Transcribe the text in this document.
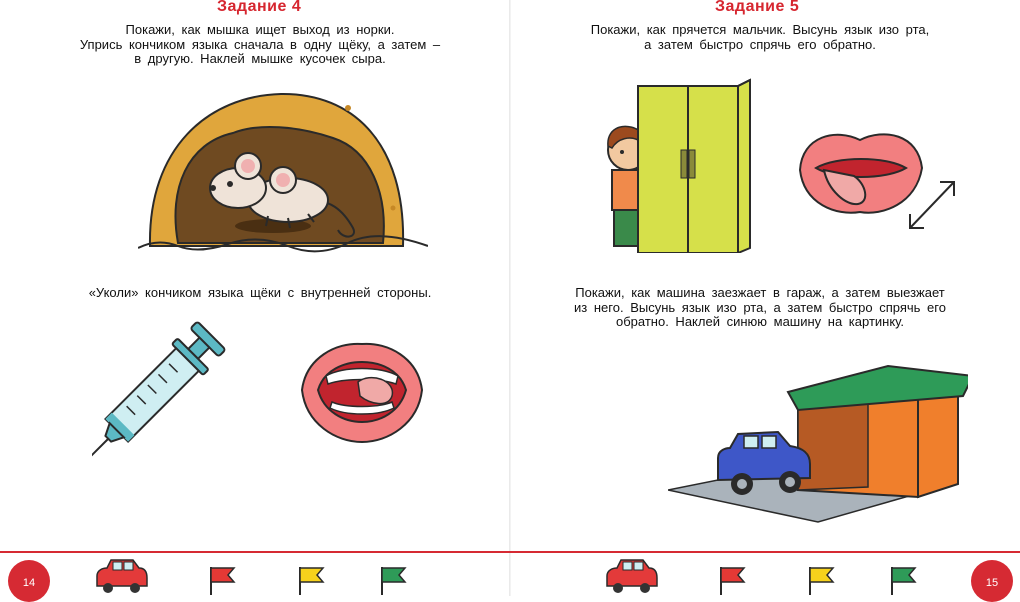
Задание 4
Покажи, как мышка ищет выход из норки.
Упрись кончиком языка сначала в одну щёку, а затем –
в другую. Наклей мышке кусочек сыра.
«Уколи» кончиком языка щёки с внутренней стороны.
14
Задание 5
Покажи, как прячется мальчик. Высунь язык изо рта,
а затем быстро спрячь его обратно.
Покажи, как машина заезжает в гараж, а затем выезжает
из него. Высунь язык изо рта, а затем быстро спрячь его
обратно. Наклей синюю машину на картинку.
15
